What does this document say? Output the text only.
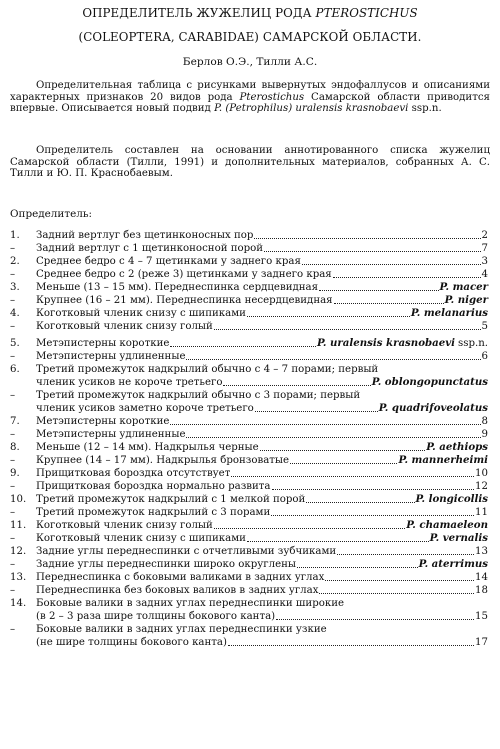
ОПРЕДЕЛИТЕЛЬ ЖУЖЕЛИЦ РОДА PTEROSTICHUS
(COLEOPTERA, CARABIDAE) САМАРСКОЙ ОБЛАСТИ.
Берлов О.Э., Тилли А.С.
Определительная таблица с рисунками вывернутых эндофаллусов и описаниями характерных признаков 20 видов рода Pterostichus Самарской области приводится впервые. Описывается новый подвид P. (Petrophilus) uralensis krasnobaevi ssp.n.
Определитель составлен на основании аннотированного списка жужелиц Самарской области (Тилли, 1991) и дополнительных материалов, собранных А. С. Тилли и Ю. П. Краснобаевым.
Определитель:
1.	Задний вертлуг без щетинконосных пор	2
–	Задний вертлуг с 1 щетинконосной порой	7
2.	Среднее бедро с 4 – 7 щетинками у заднего края	3
–	Среднее бедро с 2 (реже 3) щетинками у заднего края	4
3.	Меньше (13 – 15 мм). Переднеспинка сердцевидная	P. macer
–	Крупнее (16 – 21 мм). Переднеспинка несердцевидная	P. niger
4.	Коготковый членик снизу с шипиками	P. melanarius
–	Коготковый членик снизу голый	5
5.	Метэпистерны короткие	P. uralensis krasnobaevi ssp.n.
–	Метэпистерны удлиненные	6
6.	Третий промежуток надкрылий обычно с 4 – 7 порами; первый
членик усиков не короче третьего	P. oblongopunctatus
–	Третий промежуток надкрылий обычно с 3 порами; первый
членик усиков заметно короче третьего	P. quadrifoveolatus
7.	Метэпистерны короткие	8
–	Метэпистерны удлиненные	9
8.	Меньше (12 – 14 мм). Надкрылья черные	P. aethiops
–	Крупнее (14 – 17 мм). Надкрылья бронзоватые	P. mannerheimi
9.	Прищитковая бороздка отсутствует	10
–	Прищитковая бороздка нормально развита	12
10. Третий промежуток надкрылий с 1 мелкой порой	P. longicollis
–	Третий промежуток надкрылий с 3 порами	11
11. Коготковый членик снизу голый	P. chamaeleon
–	Коготковый членик снизу с шипиками	P. vernalis
12. Задние углы переднеспинки с отчетливыми зубчиками	13
–	Задние углы переднеспинки широко округлены	P. aterrimus
13. Переднеспинка с боковыми валиками в задних углах	14
–	Переднеспинка без боковых валиков в задних углах	18
14. Боковые валики в задних углах переднеспинки широкие
(в 2 – 3 раза шире толщины бокового канта)	15
–	Боковые валики в задних углах переднеспинки узкие
(не шире толщины бокового канта)	17
